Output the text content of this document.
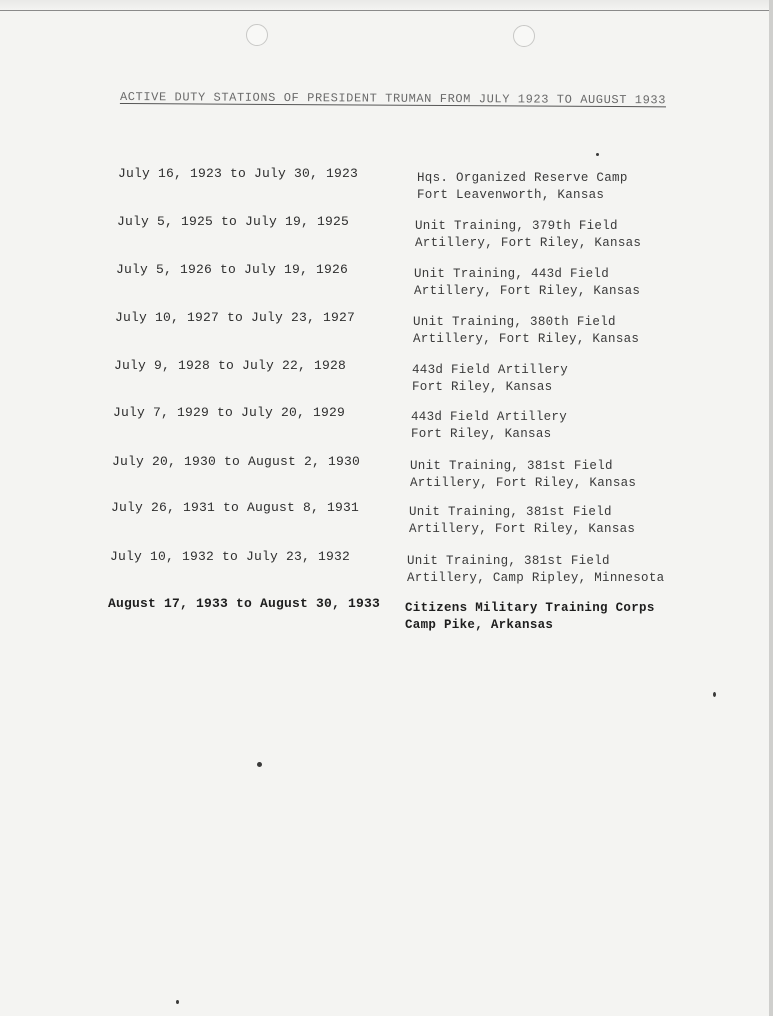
ACTIVE DUTY STATIONS OF PRESIDENT TRUMAN FROM JULY 1923 TO AUGUST 1933
July 16, 1923 to July 30, 1923	Hqs. Organized Reserve Camp
Fort Leavenworth, Kansas
July 5, 1925 to July 19, 1925	Unit Training, 379th Field
Artillery, Fort Riley, Kansas
July 5, 1926 to July 19, 1926	Unit Training, 443d Field
Artillery, Fort Riley, Kansas
July 10, 1927 to July 23, 1927	Unit Training, 380th Field
Artillery, Fort Riley, Kansas
July 9, 1928 to July 22, 1928	443d Field Artillery
Fort Riley, Kansas
July 7, 1929 to July 20, 1929	443d Field Artillery
Fort Riley, Kansas
July 20, 1930 to August 2, 1930	Unit Training, 381st Field
Artillery, Fort Riley, Kansas
July 26, 1931 to August 8, 1931	Unit Training, 381st Field
Artillery, Fort Riley, Kansas
July 10, 1932 to July 23, 1932	Unit Training, 381st Field
Artillery, Camp Ripley, Minnesota
August 17, 1933 to August 30, 1933 Citizens Military Training Corps
Camp Pike, Arkansas
